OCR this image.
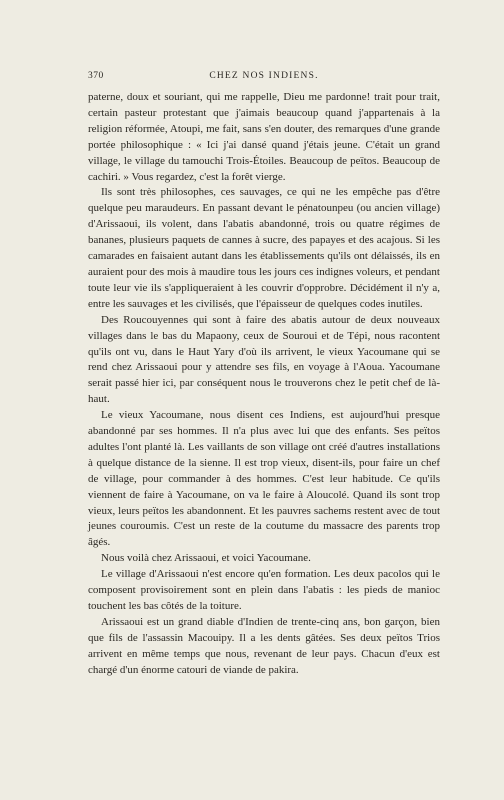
370	CHEZ NOS INDIENS.

paterne, doux et souriant, qui me rappelle, Dieu me pardonne! trait pour trait, certain pasteur protestant que j'aimais beaucoup quand j'appartenais à la religion réformée, Atoupi, me fait, sans s'en douter, des remarques d'une grande portée philosophique : « Ici j'ai dansé quand j'étais jeune. C'était un grand village, le village du tamouchi Trois-Étoiles. Beaucoup de peïtos. Beaucoup de cachiri. » Vous regardez, c'est la forêt vierge.

Ils sont très philosophes, ces sauvages, ce qui ne les empêche pas d'être quelque peu maraudeurs. En passant devant le pénatounpeu (ou ancien village) d'Arissaoui, ils volent, dans l'abatis abandonné, trois ou quatre régimes de bananes, plusieurs paquets de cannes à sucre, des papayes et des acajous. Si les camarades en faisaient autant dans les établissements qu'ils ont délaissés, ils en auraient pour des mois à maudire tous les jours ces indignes voleurs, et pendant toute leur vie ils s'appliqueraient à les couvrir d'opprobre. Décidément il n'y a, entre les sauvages et les civilisés, que l'épaisseur de quelques codes inutiles.

Des Roucouyennes qui sont à faire des abatis autour de deux nouveaux villages dans le bas du Mapaony, ceux de Souroui et de Tépi, nous racontent qu'ils ont vu, dans le Haut Yary d'où ils arrivent, le vieux Yacoumane qui se rend chez Arissaoui pour y attendre ses fils, en voyage à l'Aoua. Yacoumane serait passé hier ici, par conséquent nous le trouverons chez le petit chef de là-haut.

Le vieux Yacoumane, nous disent ces Indiens, est aujourd'hui presque abandonné par ses hommes. Il n'a plus avec lui que des enfants. Ses peïtos adultes l'ont planté là. Les vaillants de son village ont créé d'autres installations à quelque distance de la sienne. Il est trop vieux, disent-ils, pour faire un chef de village, pour commander à des hommes. C'est leur habitude. Ce qu'ils viennent de faire à Yacoumane, on va le faire à Aloucolé. Quand ils sont trop vieux, leurs peïtos les abandonnent. Et les pauvres sachems restent avec de tout jeunes couroumis. C'est un reste de la coutume du massacre des parents trop âgés.

Nous voilà chez Arissaoui, et voici Yacoumane.

Le village d'Arissaoui n'est encore qu'en formation. Les deux pacolos qui le composent provisoirement sont en plein dans l'abatis : les pieds de manioc touchent les bas côtés de la toiture.

Arissaoui est un grand diable d'Indien de trente-cinq ans, bon garçon, bien que fils de l'assassin Macouipy. Il a les dents gâtées. Ses deux peïtos Trios arrivent en même temps que nous, revenant de leur pays. Chacun d'eux est chargé d'un énorme catouri de viande de pakira.
